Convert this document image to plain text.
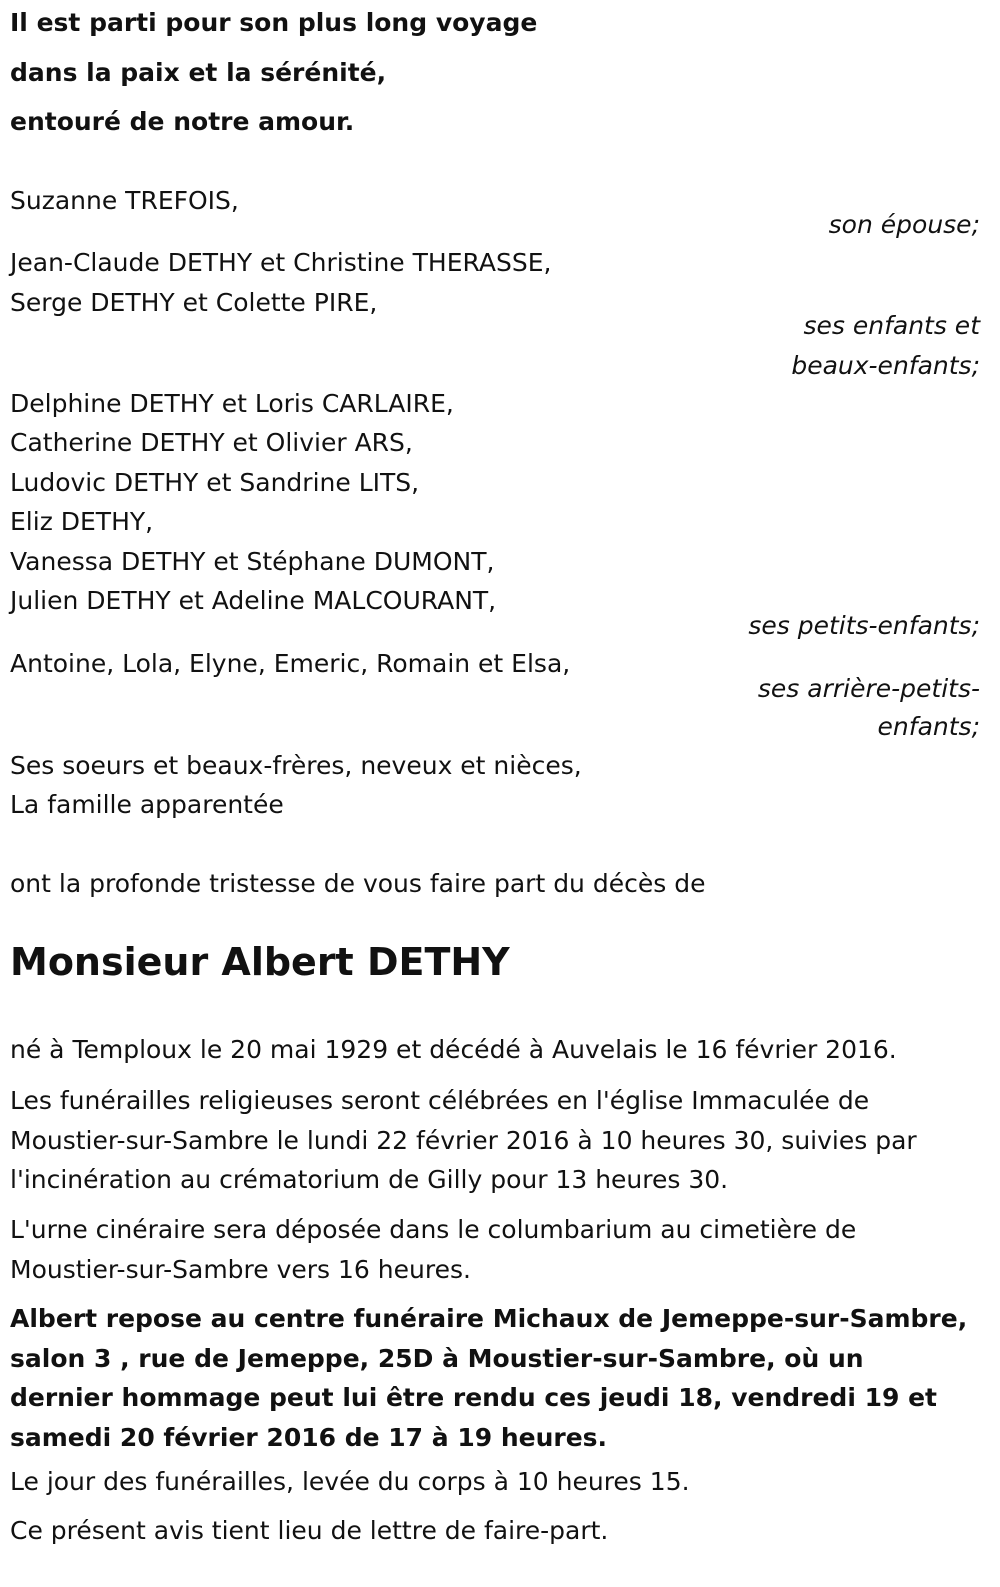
Il est parti pour son plus long voyage
dans la paix et la sérénité,
entouré de notre amour.
Suzanne TREFOIS,
son épouse;
Jean-Claude DETHY et Christine THERASSE,
Serge DETHY et Colette PIRE,
ses enfants et
beaux-enfants;
Delphine DETHY et Loris CARLAIRE,
Catherine DETHY et Olivier ARS,
Ludovic DETHY et Sandrine LITS,
Eliz DETHY,
Vanessa DETHY et Stéphane DUMONT,
Julien DETHY et Adeline MALCOURANT,
ses petits-enfants;
Antoine, Lola, Elyne, Emeric, Romain et Elsa,
ses arrière-petits-
enfants;
Ses soeurs et beaux-frères, neveux et nièces,
La famille apparentée
ont la profonde tristesse de vous faire part du décès de
Monsieur Albert DETHY
né à Temploux le 20 mai 1929 et décédé à Auvelais le 16 février 2016.
Les funérailles religieuses seront célébrées en l'église Immaculée de Moustier-sur-Sambre le lundi 22 février 2016 à 10 heures 30, suivies par l'incinération au crématorium de Gilly pour 13 heures 30.
L'urne cinéraire sera déposée dans le columbarium au cimetière de Moustier-sur-Sambre vers 16 heures.
Albert repose au centre funéraire Michaux de Jemeppe-sur-Sambre, salon 3 , rue de Jemeppe, 25D à Moustier-sur-Sambre, où un dernier hommage peut lui être rendu ces jeudi 18, vendredi 19 et samedi 20 février 2016 de 17 à 19 heures.
Le jour des funérailles, levée du corps à 10 heures 15.
Ce présent avis tient lieu de lettre de faire-part.
